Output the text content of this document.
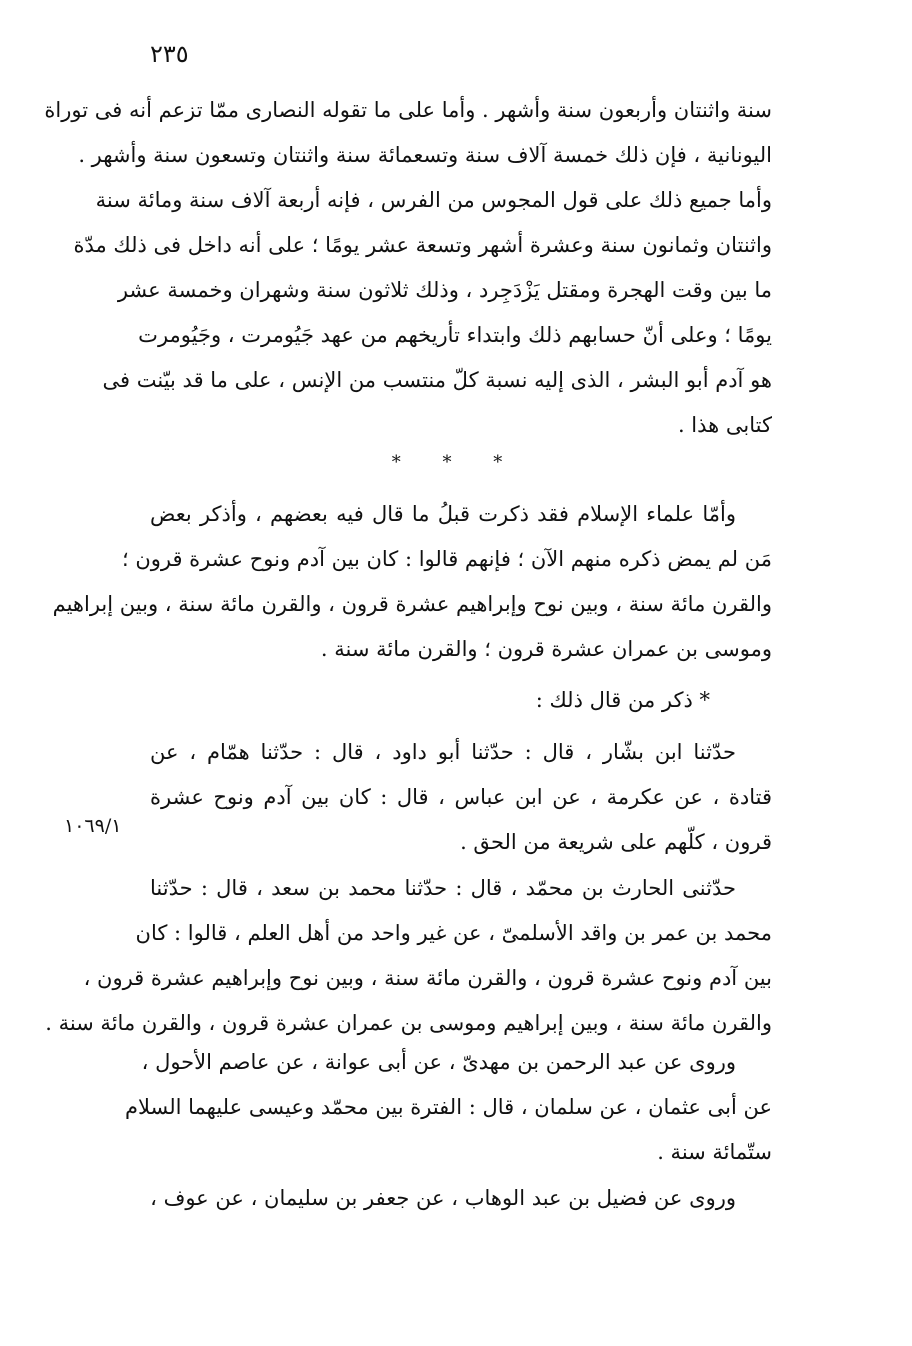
٢٣٥
سنة واثنتان وأربعون سنة وأشهر . وأما على ما تقوله النصارى ممّا تزعم أنه فى توراة
اليونانية ، فإن ذلك خمسة آلاف سنة وتسعمائة سنة واثنتان وتسعون سنة وأشهر .
وأما جميع ذلك على قول المجوس من الفرس ، فإنه أربعة آلاف سنة ومائة سنة
واثنتان وثمانون سنة وعشرة أشهر وتسعة عشر يومًا ؛ على أنه داخل فى ذلك مدّة
ما بين وقت الهجرة ومقتل يَزْدَجِرد ، وذلك ثلاثون سنة وشهران وخمسة عشر
يومًا ؛ وعلى أنّ حسابهم ذلك وابتداء تأريخهم من عهد جَيُومرت ، وجَيُومرت
هو آدم أبو البشر ، الذى إليه نسبة كلّ منتسب من الإنس ، على ما قد بيّنت فى
كتابى هذا .
* * *
وأمّا علماء الإسلام فقد ذكرت قبلُ ما قال فيه بعضهم ، وأذكر بعض
مَن لم يمض ذكره منهم الآن ؛ فإنهم قالوا : كان بين آدم ونوح عشرة قرون ؛
والقرن مائة سنة ، وبين نوح وإبراهيم عشرة قرون ، والقرن مائة سنة ، وبين إبراهيم
وموسى بن عمران عشرة قرون ؛ والقرن مائة سنة .
* ذكر من قال ذلك :
١٠٦٩/١
حدّثنا ابن بشّار ، قال : حدّثنا أبو داود ، قال : حدّثنا همّام ، عن
قتادة ، عن عكرمة ، عن ابن عباس ، قال : كان بين آدم ونوح عشرة
قرون ، كلّهم على شريعة من الحق .
حدّثنى الحارث بن محمّد ، قال : حدّثنا محمد بن سعد ، قال : حدّثنا
محمد بن عمر بن واقد الأسلمىّ ، عن غير واحد من أهل العلم ، قالوا : كان
بين آدم ونوح عشرة قرون ، والقرن مائة سنة ، وبين نوح وإبراهيم عشرة قرون ،
والقرن مائة سنة ، وبين إبراهيم وموسى بن عمران عشرة قرون ، والقرن مائة سنة .
وروى عن عبد الرحمن بن مهدىّ ، عن أبى عوانة ، عن عاصم الأحول ،
عن أبى عثمان ، عن سلمان ، قال : الفترة بين محمّد وعيسى عليهما السلام
ستّمائة سنة .
وروى عن فضيل بن عبد الوهاب ، عن جعفر بن سليمان ، عن عوف ،
